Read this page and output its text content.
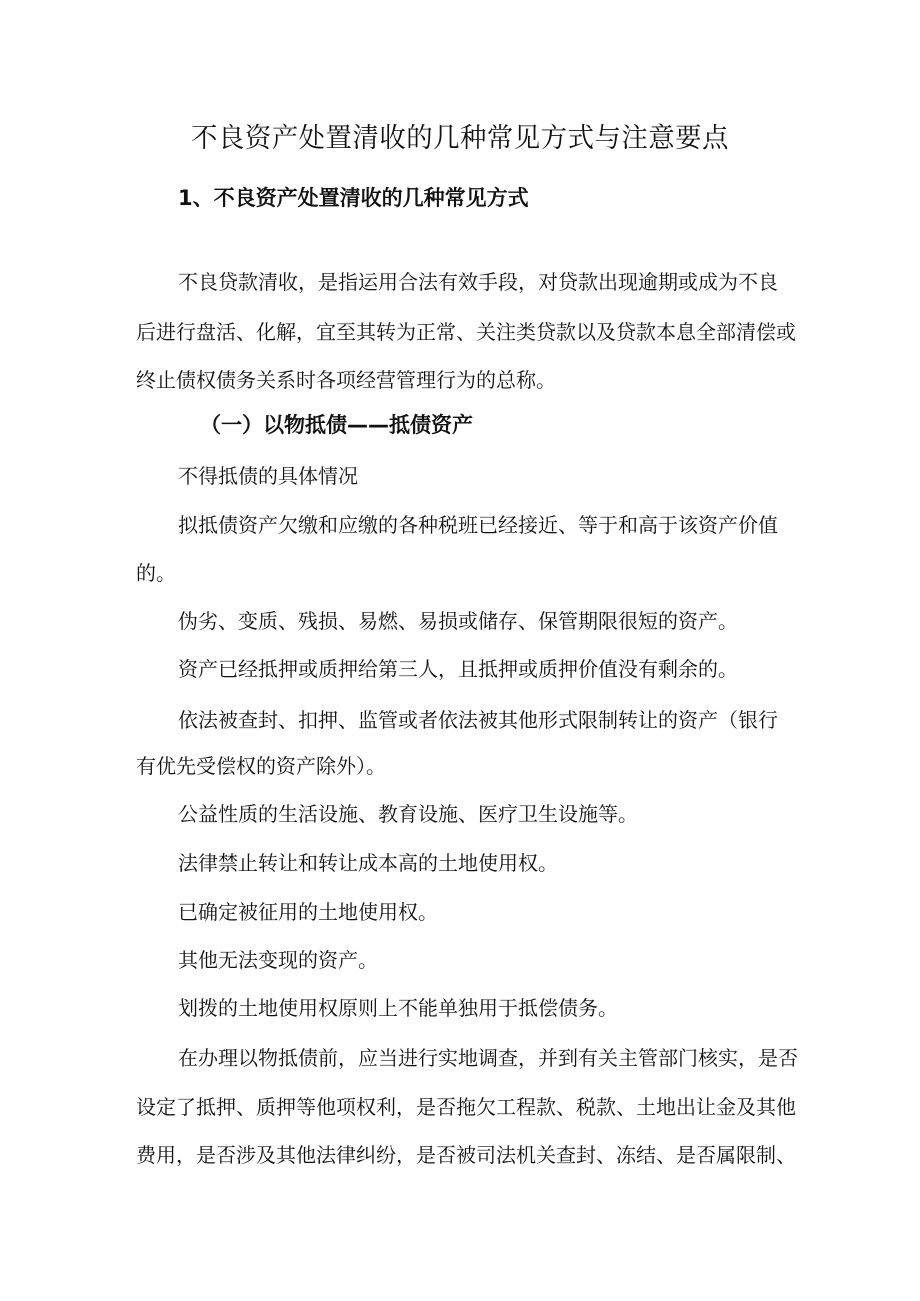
不良资产处置清收的几种常见方式与注意要点
1、不良资产处置清收的几种常见方式
不良贷款清收，是指运用合法有效手段，对贷款出现逾期或成为不良
后进行盘活、化解，宜至其转为正常、关注类贷款以及贷款本息全部清偿或
终止债权债务关系时各项经营管理行为的总称。
（一）以物抵债——抵债资产
不得抵债的具体情况
拟抵债资产欠缴和应缴的各种税班已经接近、等于和高于该资产价值
的。
伪劣、变质、残损、易燃、易损或储存、保管期限很短的资产。
资产已经抵押或质押给第三人，且抵押或质押价值没有剩余的。
依法被查封、扣押、监管或者依法被其他形式限制转让的资产（银行
有优先受偿权的资产除外）。
公益性质的生活设施、教育设施、医疗卫生设施等。
法律禁止转让和转让成本高的土地使用权。
已确定被征用的土地使用权。
其他无法变现的资产。
划拨的土地使用权原则上不能单独用于抵偿债务。
在办理以物抵债前，应当进行实地调查，并到有关主管部门核实，是否
设定了抵押、质押等他项权利，是否拖欠工程款、税款、土地出让金及其他
费用，是否涉及其他法律纠纷，是否被司法机关查封、冻结、是否属限制、
